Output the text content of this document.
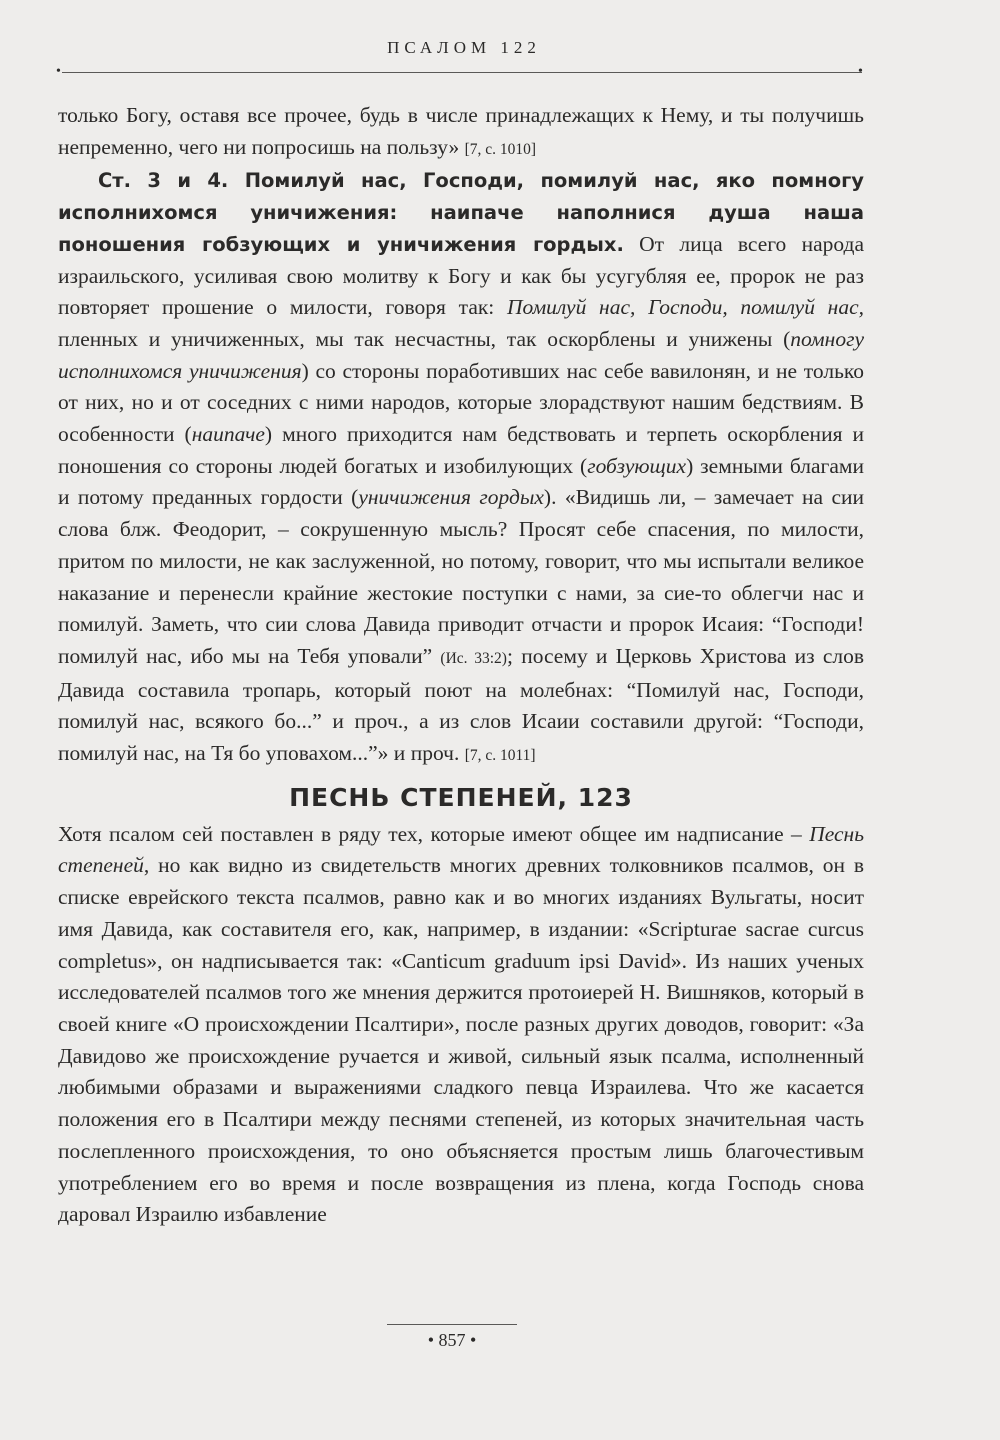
ПСАЛОМ 122
•	•

только Богу, оставя все прочее, будь в числе принадлежащих к Нему, и ты получишь непременно, чего ни попросишь на пользу» [7, с. 1010]

Ст. 3 и 4. Помилуй нас, Господи, помилуй нас, яко помногу исполнихомся уничижения: наипаче наполнися душа наша поношения гобзующих и уничижения гордых. От лица всего народа израильского, усиливая свою молитву к Богу и как бы усугубляя ее, пророк не раз повторяет прошение о милости, говоря так: Помилуй нас, Господи, помилуй нас, пленных и уничиженных, мы так несчастны, так оскорблены и унижены (помногу исполнихомся уничижения) со стороны поработивших нас себе вавилонян, и не только от них, но и от соседних с ними народов, которые злорадствуют нашим бедствиям. В особенности (наипаче) много приходится нам бедствовать и терпеть оскорбления и поношения со стороны людей богатых и изобилующих (гобзующих) земными благами и потому преданных гордости (уничижения гордых). «Видишь ли, – замечает на сии слова блж. Феодорит, – сокрушенную мысль? Просят себе спасения, по милости, притом по милости, не как заслуженной, но потому, говорит, что мы испытали великое наказание и перенесли крайние жестокие поступки с нами, за сие-то облегчи нас и помилуй. Заметь, что сии слова Давида приводит отчасти и пророк Исаия: “Господи! помилуй нас, ибо мы на Тебя уповали” (Ис. 33:2); посему и Церковь Христова из слов Давида составила тропарь, который поют на молебнах: “Помилуй нас, Господи, помилуй нас, всякого бо...” и проч., а из слов Исаии составили другой: “Господи, помилуй нас, на Тя бо уповахом...”» и проч. [7, с. 1011]

ПЕСНЬ СТЕПЕНЕЙ, 123

Хотя псалом сей поставлен в ряду тех, которые имеют общее им надписание – Песнь степеней, но как видно из свидетельств многих древних толковников псалмов, он в списке еврейского текста псалмов, равно как и во многих изданиях Вульгаты, носит имя Давида, как составителя его, как, например, в издании: «Scripturae sacrae curcus completus», он надписывается так: «Canticum graduum ipsi David». Из наших ученых исследователей псалмов того же мнения держится протоиерей Н. Вишняков, который в своей книге «О происхождении Псалтири», после разных других доводов, говорит: «За Давидово же происхождение ручается и живой, сильный язык псалма, исполненный любимыми образами и выражениями сладкого певца Израилева. Что же касается положения его в Псалтири между песнями степеней, из которых значительная часть послепленного происхождения, то оно объясняется простым лишь благочестивым употреблением его во время и после возвращения из плена, когда Господь снова даровал Израилю избавление

• 857 •
